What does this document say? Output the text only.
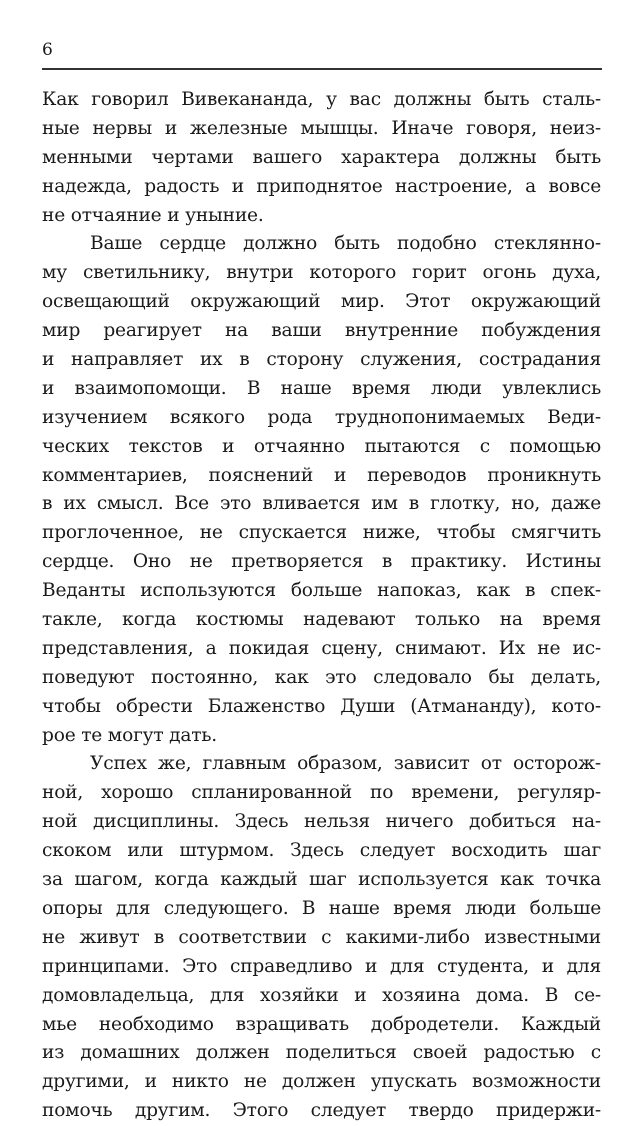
6
Как говорил Вивекананда, у вас должны быть сталь-
ные нервы и железные мышцы. Иначе говоря, неиз-
менными чертами вашего характера должны быть
надежда, радость и приподнятое настроение, а вовсе
не отчаяние и уныние.
Ваше сердце должно быть подобно стеклянно-
му светильнику, внутри которого горит огонь духа,
освещающий окружающий мир. Этот окружающий
мир реагирует на ваши внутренние побуждения
и направляет их в сторону служения, сострадания
и взаимопомощи. В наше время люди увлеклись
изучением всякого рода труднопонимаемых Веди-
ческих текстов и отчаянно пытаются с помощью
комментариев, пояснений и переводов проникнуть
в их смысл. Все это вливается им в глотку, но, даже
проглоченное, не спускается ниже, чтобы смягчить
сердце. Оно не претворяется в практику. Истины
Веданты используются больше напоказ, как в спек-
такле, когда костюмы надевают только на время
представления, а покидая сцену, снимают. Их не ис-
поведуют постоянно, как это следовало бы делать,
чтобы обрести Блаженство Души (Атмананду), кото-
рое те могут дать.
Успех же, главным образом, зависит от осторож-
ной, хорошо спланированной по времени, регуляр-
ной дисциплины. Здесь нельзя ничего добиться на-
скоком или штурмом. Здесь следует восходить шаг
за шагом, когда каждый шаг используется как точка
опоры для следующего. В наше время люди больше
не живут в соответствии с какими-либо известными
принципами. Это справедливо и для студента, и для
домовладельца, для хозяйки и хозяина дома. В се-
мье необходимо взращивать добродетели. Каждый
из домашних должен поделиться своей радостью с
другими, и никто не должен упускать возможности
помочь другим. Этого следует твердо придержи-
